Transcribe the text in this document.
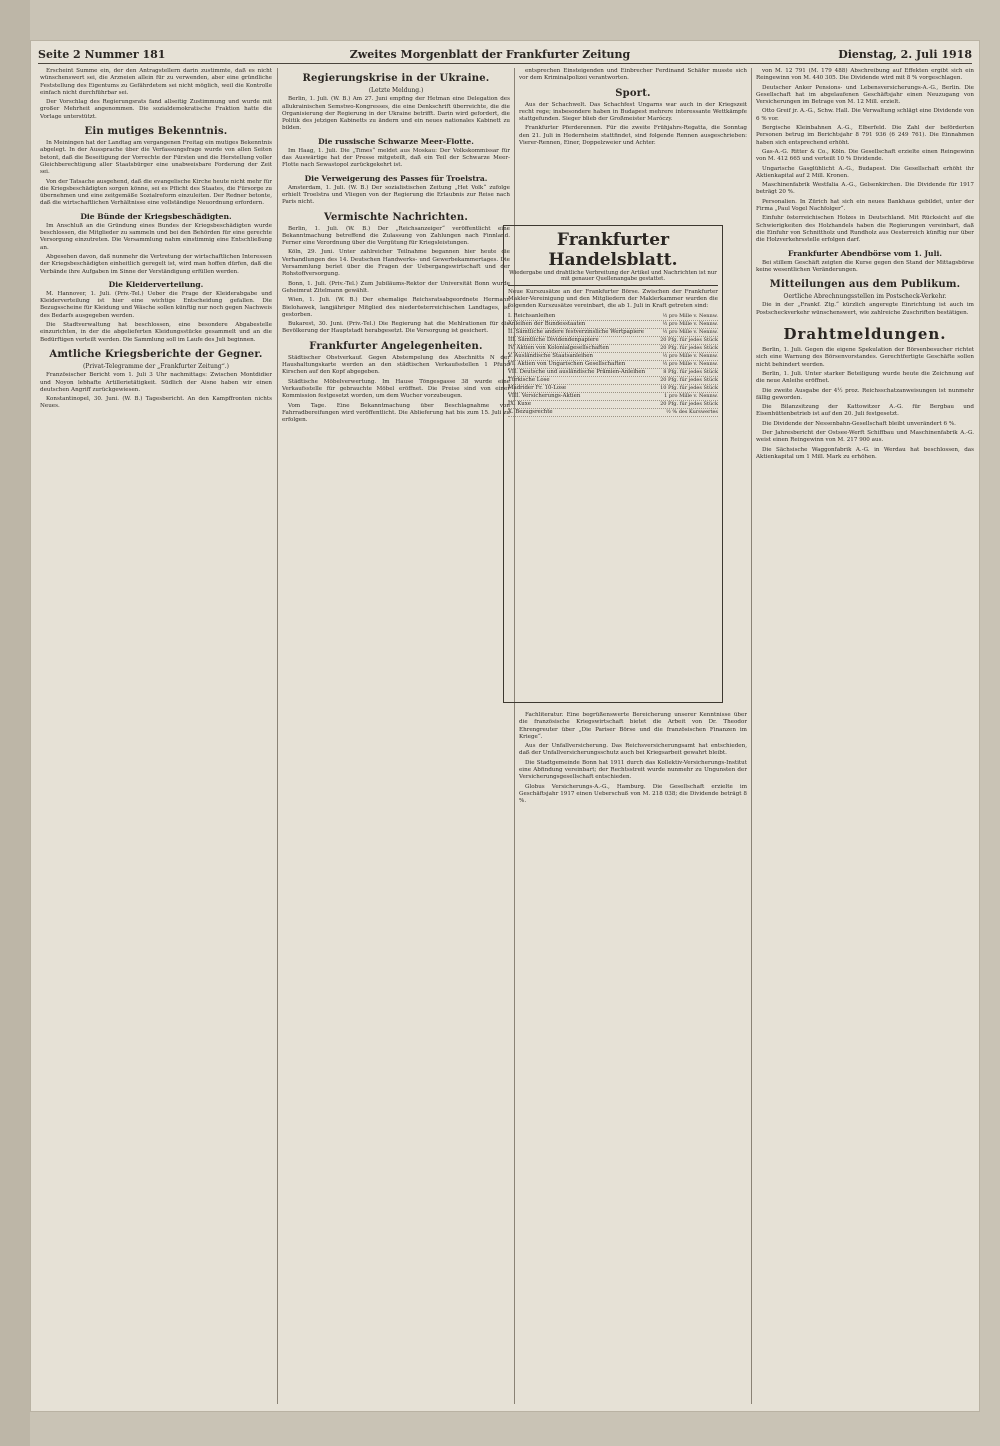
Seite 2 Nummer 181	Zweites Morgenblatt der Frankfurter Zeitung	Dienstag, 2. Juli 1918

Erscheint Summe ein, der den Antragstellern darin zustimmte, daß es nicht wünschenswert sei, die Arzneien allein für zu verwenden, aber eine gründliche Feststellung des Eigentums zu Gefährdetem sei nicht möglich, weil die Kontrolle einfach nicht durchführbar sei.

Der Vorschlag des Regierungsrats fand allseitig Zustimmung und wurde mit großer Mehrheit angenommen. Die sozialdemokratische Fraktion hatte die Vorlage unterstützt.

Ein mutiges Bekenntnis.

In Meiningen hat der Landtag am vergangenen Freitag ein mutiges Bekenntnis abgelegt. In der Aussprache über die Verfassungsfrage wurde von allen Seiten betont, daß die Beseitigung der Vorrechte der Fürsten und die Herstellung voller Gleichberechtigung aller Staatsbürger eine unabweisbare Forderung der Zeit sei.

Von der Tatsache ausgehend, daß die evangelische Kirche heute nicht mehr für die Kriegsbeschädigten sorgen könne, sei es Pflicht des Staates, die Fürsorge zu übernehmen und eine zeitgemäße Sozialreform einzuleiten. Der Redner betonte, daß die wirtschaftlichen Verhältnisse eine vollständige Neuordnung erfordern.

Die Bünde der Kriegsbeschädigten.

Im Anschluß an die Gründung eines Bundes der Kriegsbeschädigten wurde beschlossen, die Mitglieder zu sammeln und bei den Behörden für eine gerechte Versorgung einzutreten. Die Versammlung nahm einstimmig eine Entschließung an.

Abgesehen davon, daß nunmehr die Vertretung der wirtschaftlichen Interessen der Kriegsbeschädigten einheitlich geregelt ist, wird man hoffen dürfen, daß die Verbände ihre Aufgaben im Sinne der Verständigung erfüllen werden.

Die Kleiderverteilung.

M. Hannover, 1. Juli. (Priv.-Tel.) Ueber die Frage der Kleiderabgabe und Kleiderverteilung ist hier eine wichtige Entscheidung gefallen. Die Bezugsscheine für Kleidung und Wäsche sollen künftig nur noch gegen Nachweis des Bedarfs ausgegeben werden.

Die Stadtverwaltung hat beschlossen, eine besondere Abgabestelle einzurichten, in der die abgelieferten Kleidungsstücke gesammelt und an die Bedürftigen verteilt werden. Die Sammlung soll im Laufe des Juli beginnen.

Amtliche Kriegsberichte der Gegner.
(Privat-Telegramme der „Frankfurter Zeitung“.)

Französischer Bericht vom 1. Juli 3 Uhr nachmittags: Zwischen Montdidier und Noyon lebhafte Artillerietätigkeit. Südlich der Aisne haben wir einen deutschen Angriff zurückgewiesen.

Konstantinopel, 30. Juni. (W. B.) Tagesbericht. An den Kampffronten nichts Neues.

Regierungskrise in der Ukraine.
(Letzte Meldung.)

Berlin, 1. Juli. (W. B.) Am 27. Juni empfing der Hetman eine Delegation des allukrainischen Semstwo-Kongresses, die eine Denkschrift überreichte, die die Organisierung der Regierung in der Ukraine betrifft. Darin wird gefordert, die Politik des jetzigen Kabinetts zu ändern und ein neues nationales Kabinett zu bilden.

Die russische Schwarze Meer-Flotte.

Im Haag, 1. Juli. Die „Times“ meldet aus Moskau: Der Volkskommissar für das Auswärtige hat der Presse mitgeteilt, daß ein Teil der Schwarze Meer-Flotte nach Sewastopol zurückgekehrt ist.

Die Verweigerung des Passes für Troelstra.

Amsterdam, 1. Juli. (W. B.) Der sozialistischen Zeitung „Het Volk“ zufolge erhielt Troelstra und Vliegen von der Regierung die Erlaubnis zur Reise nach Paris nicht.

Vermischte Nachrichten.

Berlin, 1. Juli. (W. B.) Der „Reichsanzeiger“ veröffentlicht eine Bekanntmachung betreffend die Zulassung von Zahlungen nach Finnland. Ferner eine Verordnung über die Vergütung für Kriegsleistungen.

Köln, 29. Juni. Unter zahlreicher Teilnahme begannen hier heute die Verhandlungen des 14. Deutschen Handwerks- und Gewerbekammertages. Die Versammlung beriet über die Fragen der Uebergangswirtschaft und der Rohstoffversorgung.

Bonn, 1. Juli. (Priv.-Tel.) Zum Jubiläums-Rektor der Universität Bonn wurde Geheimrat Zitelmann gewählt.

Wien, 1. Juli. (W. B.) Der ehemalige Reichsratsabgeordnete Hermann Bielohawek, langjähriger Mitglied des niederösterreichischen Landtages, ist gestorben.

Bukarest, 30. Juni. (Priv.-Tel.) Die Regierung hat die Mehlrationen für die Bevölkerung der Hauptstadt herabgesetzt. Die Versorgung ist gesichert.

Frankfurter Angelegenheiten.

Städtischer Obstverkauf. Gegen Abstempelung des Abschnitts N der Haushaltungskarte werden an den städtischen Verkaufsstellen 1 Pfund Kirschen auf den Kopf abgegeben.

Städtische Möbelverwertung. Im Hause Töngesgasse 38 wurde eine Verkaufsstelle für gebrauchte Möbel eröffnet. Die Preise sind von einer Kommission festgesetzt worden, um dem Wucher vorzubeugen.

Vom Tage. Eine Bekanntmachung über Beschlagnahme von Fahrradbereifungen wird veröffentlicht. Die Ablieferung hat bis zum 15. Juli zu erfolgen.

entsprechen Einsteigenden und Einbrecher Ferdinand Schäfer musste sich vor dem Kriminalpolizei verantworten.

Sport.

Aus der Schachwelt. Das Schachfest Ungarns war auch in der Kriegszeit recht rege; insbesondere haben in Budapest mehrere interessante Wettkämpfe stattgefunden. Sieger blieb der Großmeister Maróczy.

Frankfurter Pferderennen. Für die zweite Frühjahrs-Regatta, die Sonntag den 21. Juli in Hedernheim stattfindet, sind folgende Rennen ausgeschrieben: Vierer-Rennen, Einer, Doppelzweier und Achter.

Frankfurter Handelsblatt.
Wiedergabe und drahtliche Verbreitung der Artikel und Nachrichten ist nur mit genauer Quellenangabe gestattet.
Neue Kurszusätze an der Frankfurter Börse. Zwischen der Frankfurter Makler-Vereinigung und den Mitgliedern der Maklerkammer wurden die folgenden Kurszusätze vereinbart, die ab 1. Juli in Kraft getreten sind:
I. Reichsanleihen	½ pro Mille v. Nennw.
Anleihen der Bundesstaaten	½ pro Mille v. Nennw.
II. Sämtliche andere festverzinsliche Wertpapiere	½ pro Mille v. Nennw.
III. Sämtliche Dividendenpapiere	20 Pfg. für jedes Stück
IV. Aktien von Kolonialgesellschaften	20 Pfg. für jedes Stück
V. Ausländische Staatsanleihen	½ pro Mille v. Nennw.
VI. Aktien von Ungarischen Gesellschaften	½ pro Mille v. Nennw.
VII. Deutsche und ausländische Prämien-Anleihen	8 Pfg. für jedes Stück
Türkische Lose	20 Pfg. für jedes Stück
Madrider Fr. 10-Lose	10 Pfg. für jedes Stück
VIII. Versicherungs-Aktien	1 pro Mille v. Nennw.
IX. Kuxe	20 Pfg. für jedes Stück
X. Bezugsrechte	½ % des Kurswertes

Fachliteratur. Eine begrüßenswerte Bereicherung unserer Kenntnisse über die französische Kriegswirtschaft bietet die Arbeit von Dr. Theodor Ehrengreuter über „Die Pariser Börse und die französischen Finanzen im Kriege“.

Aus der Unfallversicherung. Das Reichsversicherungsamt hat entschieden, daß der Unfallversicherungsschutz auch bei Kriegsarbeit gewahrt bleibt.

Die Stadtgemeinde Bonn hat 1911 durch das Kollektiv-Versicherungs-Institut eine Abfindung vereinbart; der Rechtsstreit wurde nunmehr zu Ungunsten der Versicherungsgesellschaft entschieden.

Globus Versicherungs-A.-G., Hamburg. Die Gesellschaft erzielte im Geschäftsjahr 1917 einen Ueberschuß von M. 218 038; die Dividende beträgt 8 %.

von M. 12 791 (M. 179 488) Abschreibung auf Effekten ergibt sich ein Reingewinn von M. 440 305. Die Dividende wird mit 8 % vorgeschlagen.

Deutscher Anker Pensions- und Lebensversicherungs-A.-G., Berlin. Die Gesellschaft hat im abgelaufenen Geschäftsjahr einen Neuzugang von Versicherungen im Betrage von M. 12 Mill. erzielt.

Otto Greif jr. A.-G., Schw. Hall. Die Verwaltung schlägt eine Dividende von 6 % vor.

Bergische Kleinbahnen A.-G., Elberfeld. Die Zahl der beförderten Personen betrug im Berichtsjahr 8 791 936 (6 249 761). Die Einnahmen haben sich entsprechend erhöht.

Gas-A.-G. Ritter & Co., Köln. Die Gesellschaft erzielte einen Reingewinn von M. 412 665 und verteilt 10 % Dividende.

Ungarische Gasglühlicht A.-G., Budapest. Die Gesellschaft erhöht ihr Aktienkapital auf 2 Mill. Kronen.

Maschinenfabrik Westfalia A.-G., Gelsenkirchen. Die Dividende für 1917 beträgt 20 %.

Personalien. In Zürich hat sich ein neues Bankhaus gebildet, unter der Firma „Paul Vogel Nachfolger“.

Einfuhr österreichischen Holzes in Deutschland. Mit Rücksicht auf die Schwierigkeiten des Holzhandels haben die Regierungen vereinbart, daß die Einfuhr von Schnittholz und Rundholz aus Oesterreich künftig nur über die Holzverkehrsstelle erfolgen darf.

Frankfurter Abendbörse vom 1. Juli.

Bei stillem Geschäft zeigten die Kurse gegen den Stand der Mittagsbörse keine wesentlichen Veränderungen.

Mitteilungen aus dem Publikum.
Oertliche Abrechnungsstellen im Postscheck-Verkehr.

Die in der „Frankf. Ztg.“ kürzlich angeregte Einrichtung ist auch im Postscheckverkehr wünschenswert, wie zahlreiche Zuschriften bestätigen.

Drahtmeldungen.

Berlin, 1. Juli. Gegen die eigene Spekulation der Börsenbesucher richtet sich eine Warnung des Börsenvorstandes. Gerechtfertigte Geschäfte sollen nicht behindert werden.

Berlin, 1. Juli. Unter starker Beteiligung wurde heute die Zeichnung auf die neue Anleihe eröffnet.

Die zweite Ausgabe der 4½ proz. Reichsschatzanweisungen ist nunmehr fällig geworden.

Die Bilanzsitzung der Kattowitzer A.-G. für Bergbau und Eisenhüttenbetrieb ist auf den 20. Juli festgesetzt.

Die Dividende der Nessenbahn-Gesellschaft bleibt unverändert 6 %.

Der Jahresbericht der Ostsee-Werft Schiffbau und Maschinenfabrik A.-G. weist einen Reingewinn von M. 217 900 aus.

Die Sächsische Waggonfabrik A.-G. in Werdau hat beschlossen, das Aktienkapital um 1 Mill. Mark zu erhöhen.
